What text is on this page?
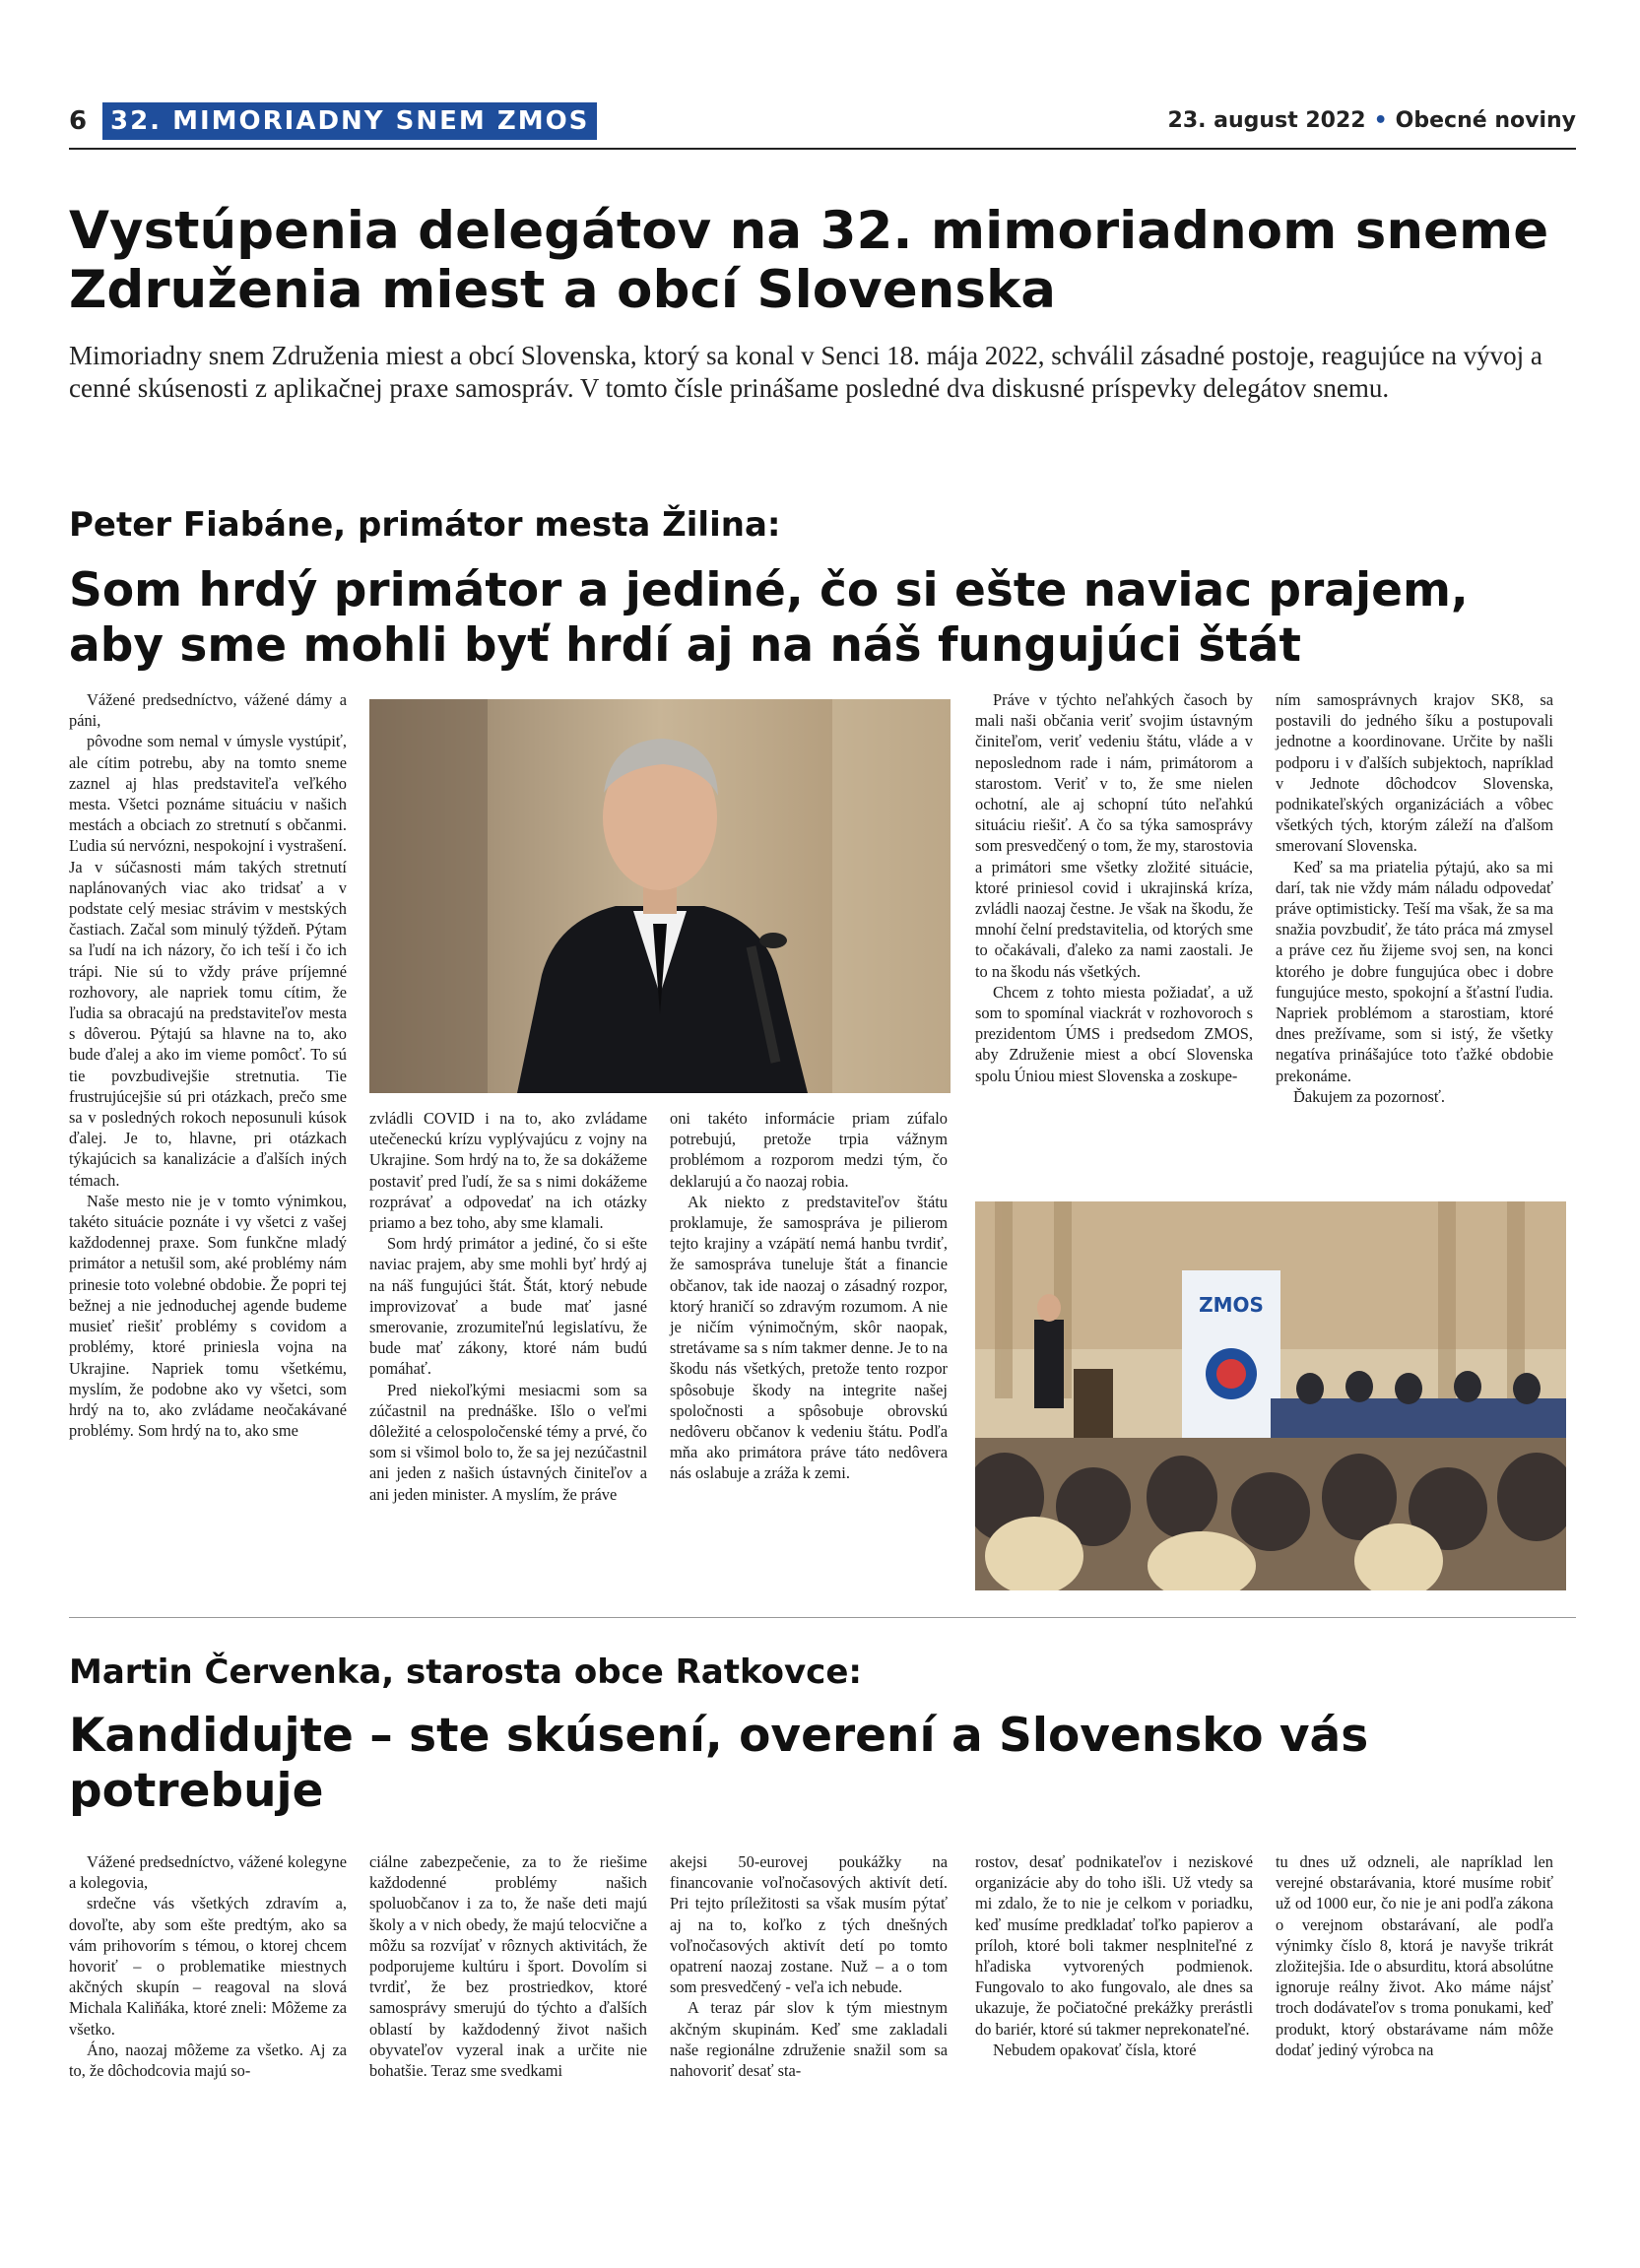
6 32. MIMORIADNY SNEM ZMOS	23. august 2022 • Obecné noviny
Vystúpenia delegátov na 32. mimoriadnom sneme Združenia miest a obcí Slovenska

Mimoriadny snem Združenia miest a obcí Slovenska, ktorý sa konal v Senci 18. mája 2022, schválil zásadné postoje, reagujúce na vývoj a cenné skúsenosti z aplikačnej praxe samospráv. V tomto čísle prinášame posledné dva diskusné príspevky delegátov snemu.

Peter Fiabáne, primátor mesta Žilina:
Som hrdý primátor a jediné, čo si ešte naviac prajem, aby sme mohli byť hrdí aj na náš fungujúci štát

Vážené predsedníctvo, vážené dámy a páni,

pôvodne som nemal v úmysle vystúpiť, ale cítim potrebu, aby na tomto sneme zaznel aj hlas predstaviteľa veľkého mesta. Všetci poznáme situáciu v našich mestách a obciach zo stretnutí s občanmi. Ľudia sú nervózni, nespokojní i vystrašení. Ja v súčasnosti mám takých stretnutí naplánovaných viac ako tridsať a v podstate celý mesiac strávim v mestských častiach. Začal som minulý týždeň. Pýtam sa ľudí na ich názory, čo ich teší i čo ich trápi. Nie sú to vždy práve príjemné rozhovory, ale napriek tomu cítim, že ľudia sa obracajú na predstaviteľov mesta s dôverou. Pýtajú sa hlavne na to, ako bude ďalej a ako im vieme pomôcť. To sú tie povzbudivejšie stretnutia. Tie frustrujúcejšie sú pri otázkach, prečo sme sa v posledných rokoch neposunuli kúsok ďalej. Je to, hlavne, pri otázkach týkajúcich sa kanalizácie a ďalších iných témach.

Naše mesto nie je v tomto výnimkou, takéto situácie poznáte i vy všetci z vašej každodennej praxe. Som funkčne mladý primátor a netušil som, aké problémy nám prinesie toto volebné obdobie. Že popri tej bežnej a nie jednoduchej agende budeme musieť riešiť problémy s covidom a problémy, ktoré priniesla vojna na Ukrajine. Napriek tomu všetkému, myslím, že podobne ako vy všetci, som hrdý na to, ako zvládame neočakávané problémy. Som hrdý na to, ako sme

zvládli COVID i na to, ako zvládame utečeneckú krízu vyplývajúcu z vojny na Ukrajine. Som hrdý na to, že sa dokážeme postaviť pred ľudí, že sa s nimi dokážeme rozprávať a odpovedať na ich otázky priamo a bez toho, aby sme klamali.

Som hrdý primátor a jediné, čo si ešte naviac prajem, aby sme mohli byť hrdý aj na náš fungujúci štát. Štát, ktorý nebude improvizovať a bude mať jasné smerovanie, zrozumiteľnú legislatívu, že bude mať zákony, ktoré nám budú pomáhať.

Pred niekoľkými mesiacmi som sa zúčastnil na prednáške. Išlo o veľmi dôležité a celospoločenské témy a prvé, čo som si všimol bolo to, že sa jej nezúčastnil ani jeden z našich ústavných činiteľov a ani jeden minister. A myslím, že práve

oni takéto informácie priam zúfalo potrebujú, pretože trpia vážnym problémom a rozporom medzi tým, čo deklarujú a čo naozaj robia.

Ak niekto z predstaviteľov štátu proklamuje, že samospráva je pilierom tejto krajiny a vzápätí nemá hanbu tvrdiť, že samospráva tuneluje štát a financie občanov, tak ide naozaj o zásadný rozpor, ktorý hraničí so zdravým rozumom. A nie je ničím výnimočným, skôr naopak, stretávame sa s ním takmer denne. Je to na škodu nás všetkých, pretože tento rozpor spôsobuje škody na integrite našej spoločnosti a spôsobuje obrovskú nedôveru občanov k vedeniu štátu. Podľa mňa ako primátora práve táto nedôvera nás oslabuje a zráža k zemi.

Práve v týchto neľahkých časoch by mali naši občania veriť svojim ústavným činiteľom, veriť vedeniu štátu, vláde a v neposlednom rade i nám, primátorom a starostom. Veriť v to, že sme nielen ochotní, ale aj schopní túto neľahkú situáciu riešiť. A čo sa týka samosprávy som presvedčený o tom, že my, starostovia a primátori sme všetky zložité situácie, ktoré priniesol covid i ukrajinská kríza, zvládli naozaj čestne. Je však na škodu, že mnohí čelní predstavitelia, od ktorých sme to očakávali, ďaleko za nami zaostali. Je to na škodu nás všetkých.

Chcem z tohto miesta požiadať, a už som to spomínal viackrát v rozhovoroch s prezidentom ÚMS i predsedom ZMOS, aby Združenie miest a obcí Slovenska spolu Úniou miest Slovenska a zoskupe-

ním samosprávnych krajov SK8, sa postavili do jedného šíku a postupovali jednotne a koordinovane. Určite by našli podporu i v ďalších subjektoch, napríklad v Jednote dôchodcov Slovenska, podnikateľských organizáciách a vôbec všetkých tých, ktorým záleží na ďalšom smerovaní Slovenska.

Keď sa ma priatelia pýtajú, ako sa mi darí, tak nie vždy mám náladu odpovedať práve optimisticky. Teší ma však, že sa ma snažia povzbudiť, že táto práca má zmysel a práve cez ňu žijeme svoj sen, na konci ktorého je dobre fungujúca obec i dobre fungujúce mesto, spokojní a šťastní ľudia. Napriek problémom a starostiam, ktoré dnes prežívame, som si istý, že všetky negatíva prinášajúce toto ťažké obdobie prekonáme.

Ďakujem za pozornosť.

ZMOS
Martin Červenka, starosta obce Ratkovce:
Kandidujte – ste skúsení, overení a Slovensko vás potrebuje

Vážené predsedníctvo, vážené kolegyne a kolegovia,

srdečne vás všetkých zdravím a, dovoľte, aby som ešte predtým, ako sa vám prihovorím s témou, o ktorej chcem hovoriť – o problematike miestnych akčných skupín – reagoval na slová Michala Kaliňáka, ktoré zneli: Môžeme za všetko.

Áno, naozaj môžeme za všetko. Aj za to, že dôchodcovia majú so-

ciálne zabezpečenie, za to že riešime každodenné problémy našich spoluobčanov i za to, že naše deti majú školy a v nich obedy, že majú telocvične a môžu sa rozvíjať v rôznych aktivitách, že podporujeme kultúru i šport. Dovolím si tvrdiť, že bez prostriedkov, ktoré samosprávy smerujú do týchto a ďalších oblastí by každodenný život našich obyvateľov vyzeral inak a určite nie bohatšie. Teraz sme svedkami

akejsi 50-eurovej poukážky na financovanie voľnočasových aktivít detí. Pri tejto príležitosti sa však musím pýtať aj na to, koľko z tých dnešných voľnočasových aktivít detí po tomto opatrení naozaj zostane. Nuž – a o tom som presvedčený - veľa ich nebude.

A teraz pár slov k tým miestnym akčným skupinám. Keď sme zakladali naše regionálne združenie snažil som sa nahovoriť desať sta-

rostov, desať podnikateľov i neziskové organizácie aby do toho išli. Už vtedy sa mi zdalo, že to nie je celkom v poriadku, keď musíme predkladať toľko papierov a príloh, ktoré boli takmer nesplniteľné z hľadiska vytvorených podmienok. Fungovalo to ako fungovalo, ale dnes sa ukazuje, že počiatočné prekážky prerástli do bariér, ktoré sú takmer neprekonateľné.

Nebudem opakovať čísla, ktoré

tu dnes už odzneli, ale napríklad len verejné obstarávania, ktoré musíme robiť už od 1000 eur, čo nie je ani podľa zákona o verejnom obstarávaní, ale podľa výnimky číslo 8, ktorá je navyše trikrát zložitejšia. Ide o absurditu, ktorá absolútne ignoruje reálny život. Ako máme nájsť troch dodávateľov s troma ponukami, keď produkt, ktorý obstarávame nám môže dodať jediný výrobca na
